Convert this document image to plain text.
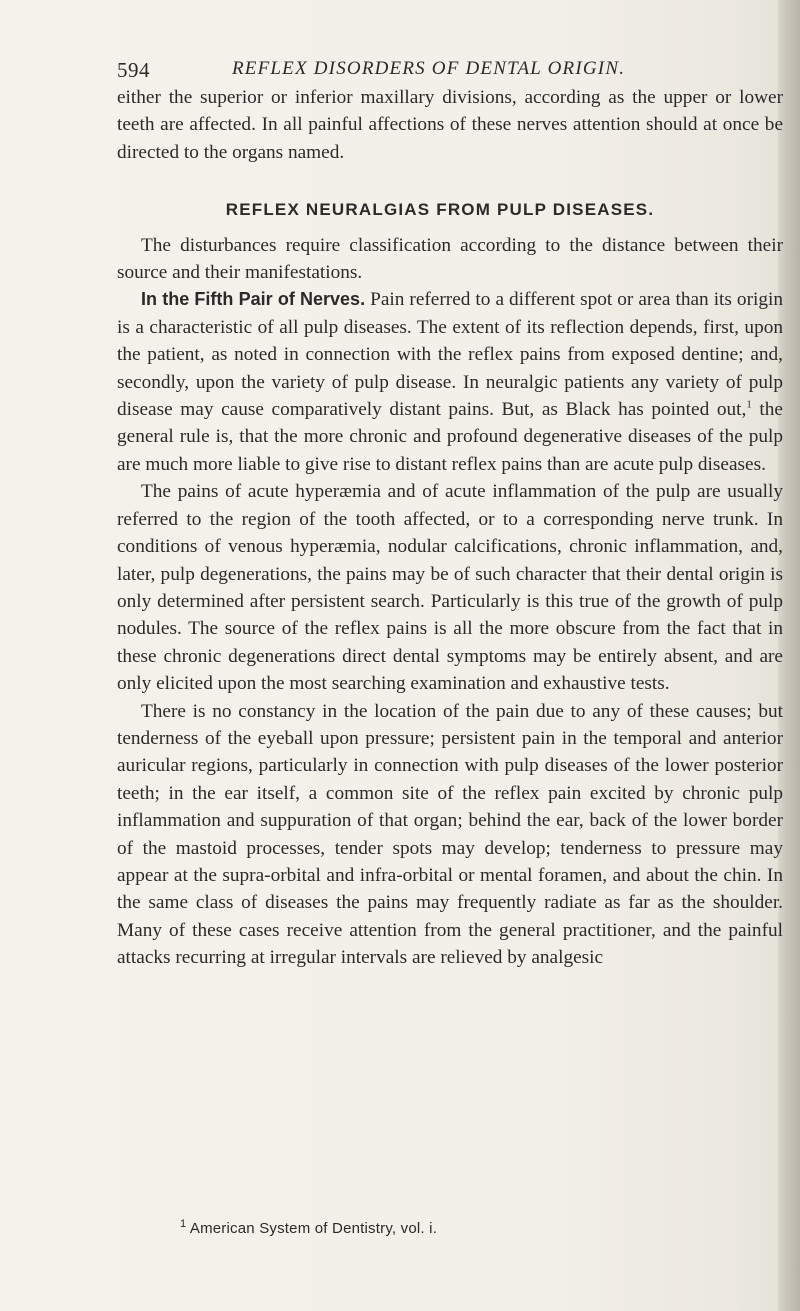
594	REFLEX DISORDERS OF DENTAL ORIGIN.

either the superior or inferior maxillary divisions, according as the upper or lower teeth are affected. In all painful affections of these nerves attention should at once be directed to the organs named.

REFLEX NEURALGIAS FROM PULP DISEASES.

The disturbances require classification according to the distance between their source and their manifestations.

In the Fifth Pair of Nerves. Pain referred to a different spot or area than its origin is a characteristic of all pulp diseases. The extent of its reflection depends, first, upon the patient, as noted in connection with the reflex pains from exposed dentine; and, secondly, upon the variety of pulp disease. In neuralgic patients any variety of pulp disease may cause comparatively distant pains. But, as Black has pointed out,$^1$ the general rule is, that the more chronic and profound degenerative diseases of the pulp are much more liable to give rise to distant reflex pains than are acute pulp diseases.

The pains of acute hyperæmia and of acute inflammation of the pulp are usually referred to the region of the tooth affected, or to a corresponding nerve trunk. In conditions of venous hyperæmia, nodular calcifications, chronic inflammation, and, later, pulp degenerations, the pains may be of such character that their dental origin is only determined after persistent search. Particularly is this true of the growth of pulp nodules. The source of the reflex pains is all the more obscure from the fact that in these chronic degenerations direct dental symptoms may be entirely absent, and are only elicited upon the most searching examination and exhaustive tests.

There is no constancy in the location of the pain due to any of these causes; but tenderness of the eyeball upon pressure; persistent pain in the temporal and anterior auricular regions, particularly in connection with pulp diseases of the lower posterior teeth; in the ear itself, a common site of the reflex pain excited by chronic pulp inflammation and suppuration of that organ; behind the ear, back of the lower border of the mastoid processes, tender spots may develop; tenderness to pressure may appear at the supra-orbital and infra-orbital or mental foramen, and about the chin. In the same class of diseases the pains may frequently radiate as far as the shoulder. Many of these cases receive attention from the general practitioner, and the painful attacks recurring at irregular intervals are relieved by analgesic

$^1$ American System of Dentistry, vol. i.
